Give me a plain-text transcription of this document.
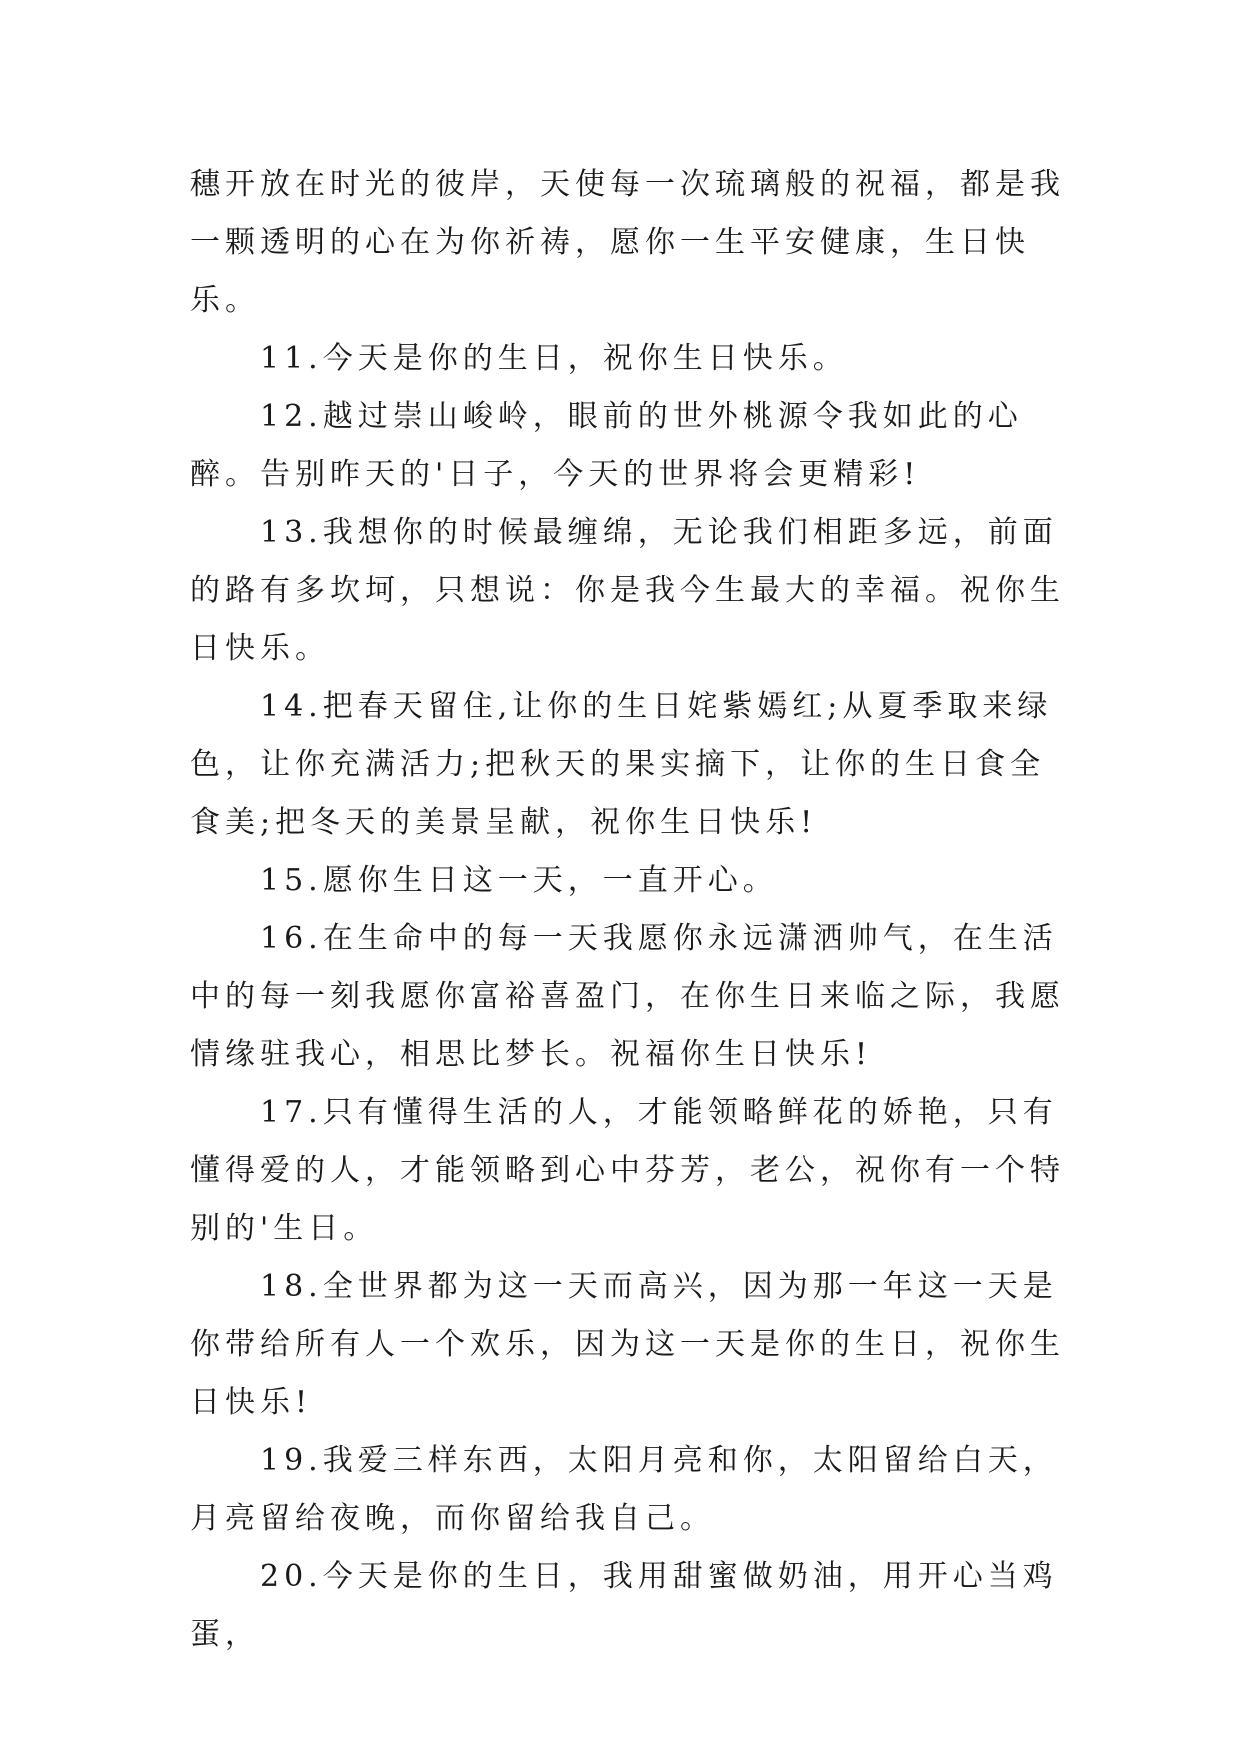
穗开放在时光的彼岸，天使每一次琉璃般的祝福，都是我一颗透明的心在为你祈祷，愿你一生平安健康，生日快乐。

11.今天是你的生日，祝你生日快乐。

12.越过崇山峻岭，眼前的世外桃源令我如此的心醉。告别昨天的'日子，今天的世界将会更精彩!

13.我想你的时候最缠绵，无论我们相距多远，前面的路有多坎坷，只想说：你是我今生最大的幸福。祝你生日快乐。

14.把春天留住,让你的生日姹紫嫣红;从夏季取来绿色，让你充满活力;把秋天的果实摘下，让你的生日食全食美;把冬天的美景呈献，祝你生日快乐!

15.愿你生日这一天，一直开心。

16.在生命中的每一天我愿你永远潇洒帅气，在生活中的每一刻我愿你富裕喜盈门，在你生日来临之际，我愿情缘驻我心，相思比梦长。祝福你生日快乐!

17.只有懂得生活的人，才能领略鲜花的娇艳，只有懂得爱的人，才能领略到心中芬芳，老公，祝你有一个特别的'生日。

18.全世界都为这一天而高兴，因为那一年这一天是你带给所有人一个欢乐，因为这一天是你的生日，祝你生日快乐!

19.我爱三样东西，太阳月亮和你，太阳留给白天，月亮留给夜晚，而你留给我自己。

20.今天是你的生日，我用甜蜜做奶油，用开心当鸡蛋，
